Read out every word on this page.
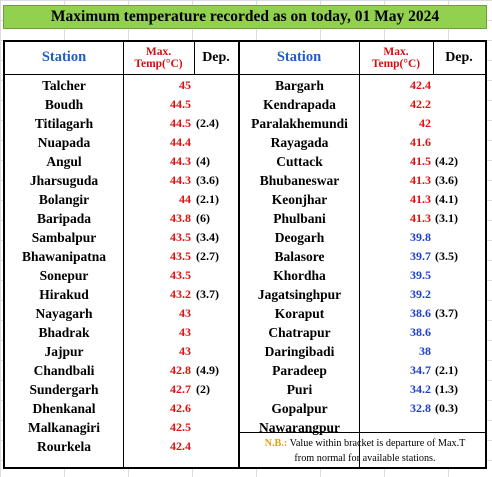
Maximum temperature recorded as on today, 01 May 2024
Station	Max.
Temp(°C)	Dep.	Station	Max.
Temp(°C)	Dep.
Talcher	45
Boudh	44.5
Titilagarh	44.5 (2.4)
Nuapada	44.4
Angul	44.3 (4)
Jharsuguda	44.3 (3.6)
Bolangir	44 (2.1)
Baripada	43.8 (6)
Sambalpur	43.5 (3.4)
Bhawanipatna	43.5 (2.7)
Sonepur	43.5
Hirakud	43.2 (3.7)
Nayagarh	43
Bhadrak	43
Jajpur	43
Chandbali	42.8 (4.9)
Sundergarh	42.7 (2)
Dhenkanal	42.6
Malkanagiri	42.5
Rourkela	42.4
Bargarh	42.4
Kendrapada	42.2
Paralakhemundi	42
Rayagada	41.6
Cuttack	41.5 (4.2)
Bhubaneswar	41.3 (3.6)
Keonjhar	41.3 (4.1)
Phulbani	41.3 (3.1)
Deogarh	39.8
Balasore	39.7 (3.5)
Khordha	39.5
Jagatsinghpur	39.2
Koraput	38.6 (3.7)
Chatrapur	38.6
Daringibadi	38
Paradeep	34.7 (2.1)
Puri	34.2 (1.3)
Gopalpur	32.8 (0.3)
Nawarangpur
N.B.: Value within bracket is departure of Max.T
from normal for available stations.
